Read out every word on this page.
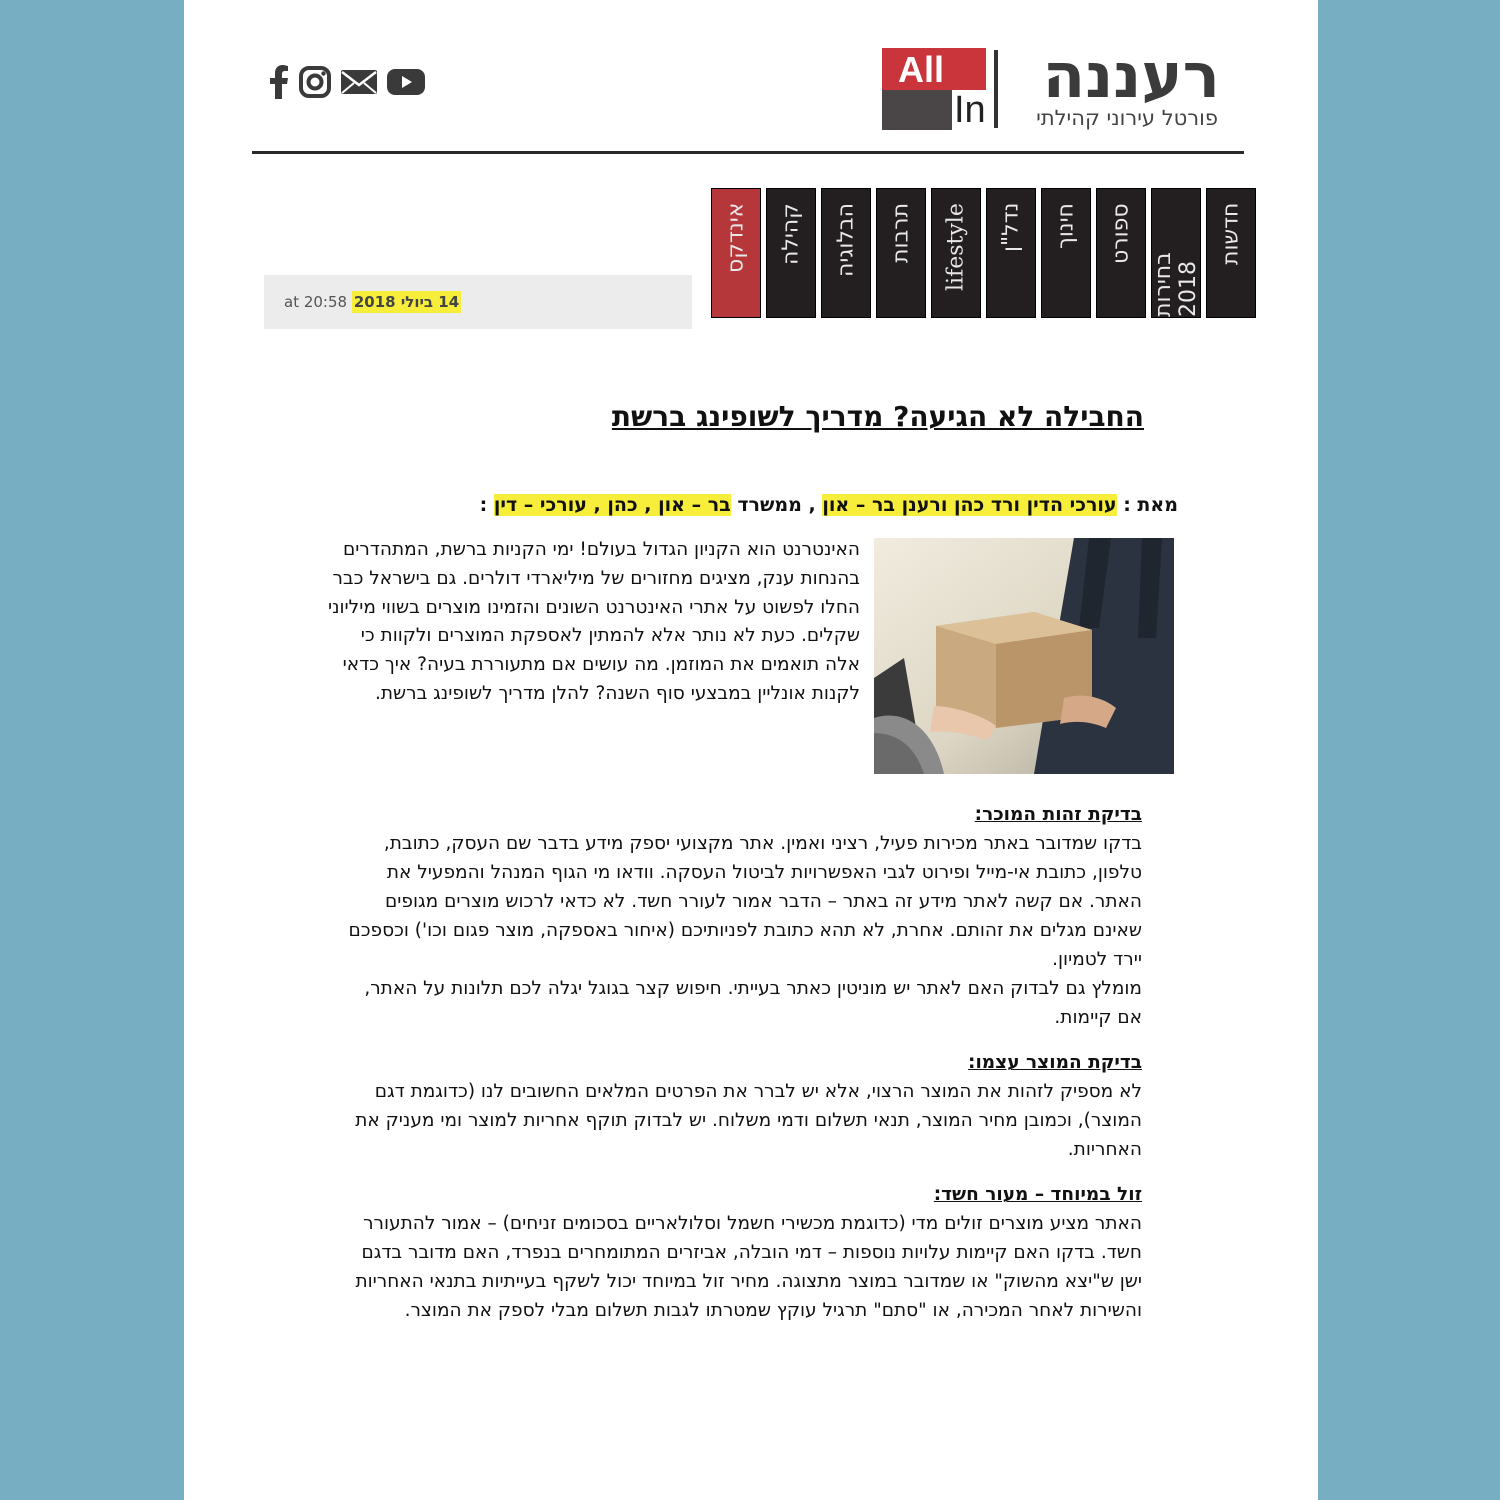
All
In רעננה
פורטל עירוני קהילתי
חדשות
בחירות 2018
ספורט
חינוך
נדל"ן
lifestyle
תרבות
הבלוגיה
קהילה
אינדקס
at 20:58 14 ביולי 2018
החבילה לא הגיעה? מדריך לשופינג ברשת
מאת : עורכי הדין ורד כהן ורענן בר – און , ממשרד בר – און , כהן , עורכי – דין :
האינטרנט הוא הקניון הגדול בעולם! ימי הקניות ברשת, המתהדרים בהנחות ענק, מציגים מחזורים של מיליארדי דולרים. גם בישראל כבר החלו לפשוט על אתרי האינטרנט השונים והזמינו מוצרים בשווי מיליוני שקלים. כעת לא נותר אלא להמתין לאספקת המוצרים ולקוות כי אלה תואמים את המוזמן. מה עושים אם מתעוררת בעיה? איך כדאי לקנות אונליין במבצעי סוף השנה? להלן מדריך לשופינג ברשת.
בדיקת זהות המוכר:

בדקו שמדובר באתר מכירות פעיל, רציני ואמין. אתר מקצועי יספק מידע בדבר שם העסק, כתובת, טלפון, כתובת אי-מייל ופירוט לגבי האפשרויות לביטול העסקה. וודאו מי הגוף המנהל והמפעיל את האתר. אם קשה לאתר מידע זה באתר – הדבר אמור לעורר חשד. לא כדאי לרכוש מוצרים מגופים שאינם מגלים את זהותם. אחרת, לא תהא כתובת לפניותיכם (איחור באספקה, מוצר פגום וכו') וכספכם יירד לטמיון.

מומלץ גם לבדוק האם לאתר יש מוניטין כאתר בעייתי. חיפוש קצר בגוגל יגלה לכם תלונות על האתר, אם קיימות.

בדיקת המוצר עצמו:

לא מספיק לזהות את המוצר הרצוי, אלא יש לברר את הפרטים המלאים החשובים לנו (כדוגמת דגם המוצר), וכמובן מחיר המוצר, תנאי תשלום ודמי משלוח. יש לבדוק תוקף אחריות למוצר ומי מעניק את האחריות.

זול במיוחד – מעור חשד:

האתר מציע מוצרים זולים מדי (כדוגמת מכשירי חשמל וסלולאריים בסכומים זניחים) – אמור להתעורר חשד. בדקו האם קיימות עלויות נוספות – דמי הובלה, אביזרים המתומחרים בנפרד, האם מדובר בדגם ישן ש"יצא מהשוק" או שמדובר במוצר מתצוגה. מחיר זול במיוחד יכול לשקף בעייתיות בתנאי האחריות והשירות לאחר המכירה, או "סתם" תרגיל עוקץ שמטרתו לגבות תשלום מבלי לספק את המוצר.
